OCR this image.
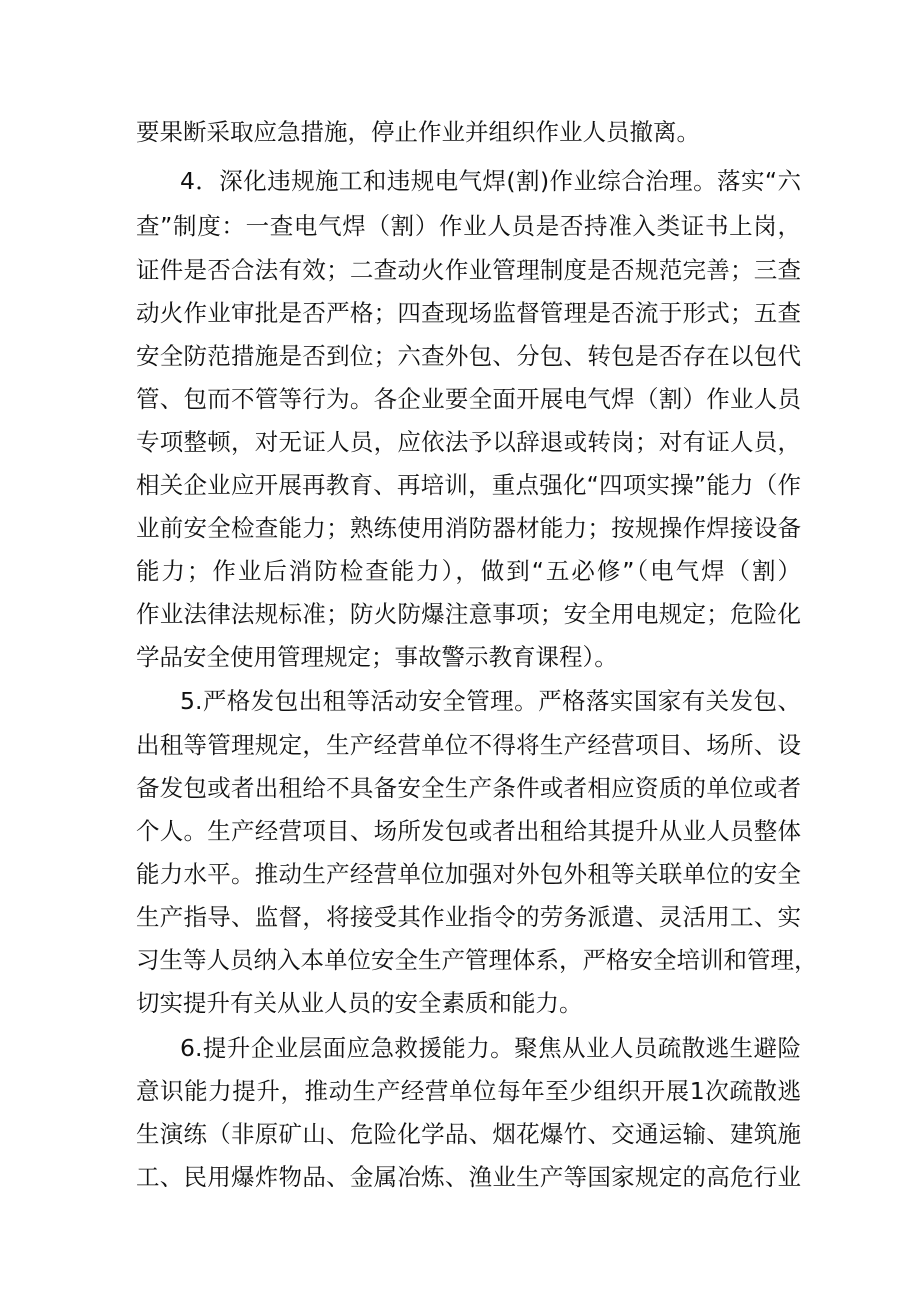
要果断采取应急措施，停止作业并组织作业人员撤离。
4．深化违规施工和违规电气焊(割)作业综合治理。落实“六
查”制度：一查电气焊（割）作业人员是否持准入类证书上岗，
证件是否合法有效；二查动火作业管理制度是否规范完善；三查
动火作业审批是否严格；四查现场监督管理是否流于形式；五查
安全防范措施是否到位；六查外包、分包、转包是否存在以包代
管、包而不管等行为。各企业要全面开展电气焊（割）作业人员
专项整顿，对无证人员，应依法予以辞退或转岗；对有证人员，
相关企业应开展再教育、再培训，重点强化“四项实操”能力（作
业前安全检查能力；熟练使用消防器材能力；按规操作焊接设备
能力；作业后消防检查能力），做到“五必修”（电气焊（割）
作业法律法规标准；防火防爆注意事项；安全用电规定；危险化
学品安全使用管理规定；事故警示教育课程）。
5.严格发包出租等活动安全管理。严格落实国家有关发包、
出租等管理规定，生产经营单位不得将生产经营项目、场所、设
备发包或者出租给不具备安全生产条件或者相应资质的单位或者
个人。生产经营项目、场所发包或者出租给其提升从业人员整体
能力水平。推动生产经营单位加强对外包外租等关联单位的安全
生产指导、监督，将接受其作业指令的劳务派遣、灵活用工、实
习生等人员纳入本单位安全生产管理体系，严格安全培训和管理，
切实提升有关从业人员的安全素质和能力。
6.提升企业层面应急救援能力。聚焦从业人员疏散逃生避险
意识能力提升，推动生产经营单位每年至少组织开展1次疏散逃
生演练（非原矿山、危险化学品、烟花爆竹、交通运输、建筑施
工、民用爆炸物品、金属冶炼、渔业生产等国家规定的高危行业
